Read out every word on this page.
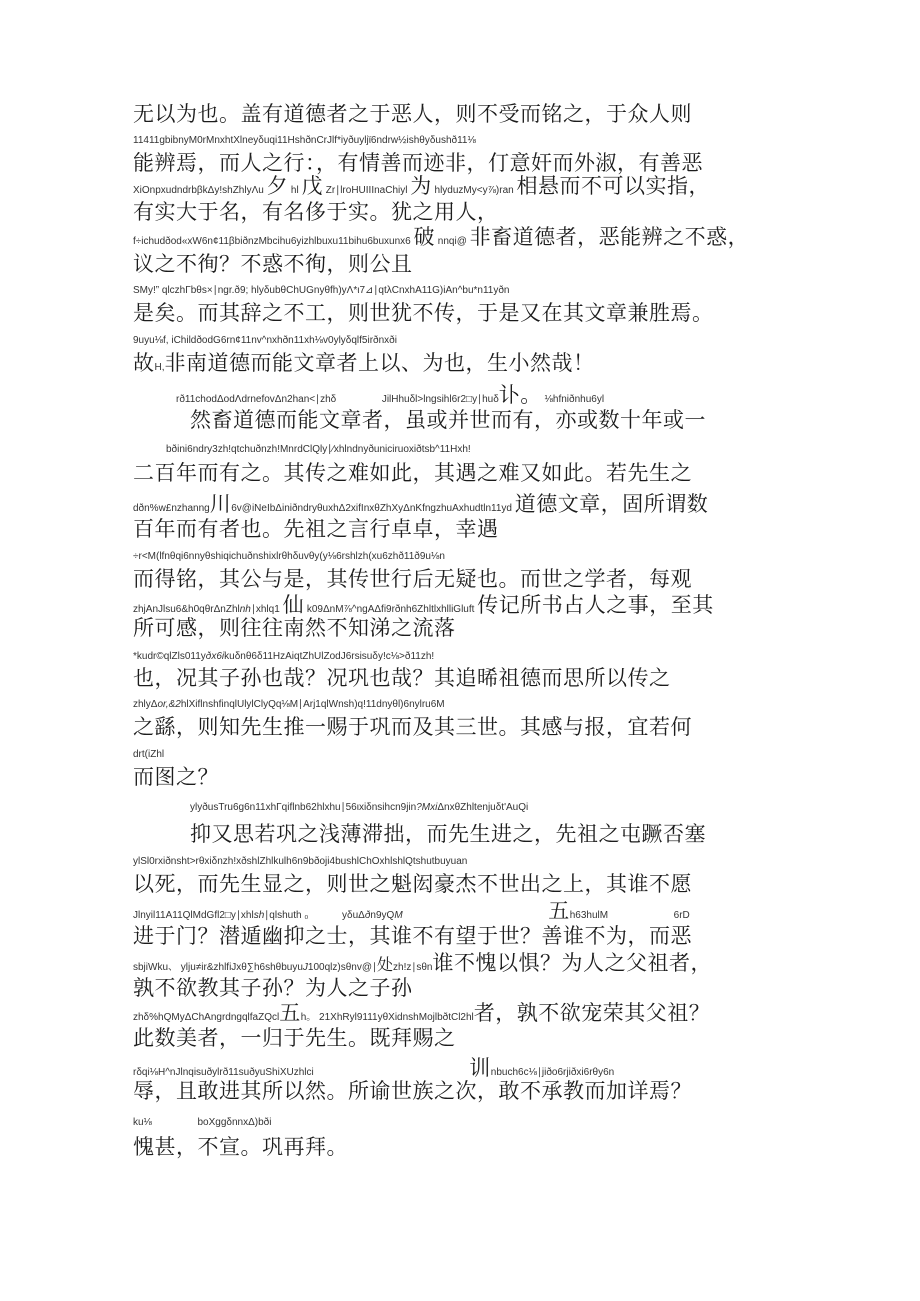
无以为也。盖有道德者之于恶人，则不受而铭之，于众人则
11411gbibnyM0rMnxhtXlneyδuqi11HshðnCrJlf*iyðuyljϊ6ndrw½ishθyδushð11⅛
能辨焉，而人之行：，有情善而迹非，仃意奸而外淑，有善恶
XiOnpxudndrbβkΔy!shZhlyΛu 夕 hl 戊 Zr∣lroHUIIInaChiyl 为 hlyduzMy<y⅞)ran 相悬而不可以实指，
有实大于名，有名侈于实。犹之用人，
f÷ichudðod«xW6n¢11βbiðnzMbcihu6yizhlbuxu11bihu6buxunx6 破 nnqi@ 非畜道德者，恶能辨之不惑，
议之不徇？不惑不徇，则公且
SMy!” qlczhΓbθs×∣ngr.ð9; hlyδubθChUGnyθfh)yΛ*ι7⊿∣qtλCnxhA11G)iAn^bu*n11yðn
是矣。而其辞之不工，则世犹不传，于是又在其文章兼胜焉。
9uyu⅛f, iChildðodG6rn¢11nv^nxhðn11xh⅛v0ylyδqlf5irðnxði
故H,非南道德而能文章者上以、为也，生小然哉！
rð11chodΔodΛdrnefovΔn2han<∣zhδ	JilHhuδl>lngsihl6r2□y∣huδ讣。 ⅛hfniðnhu6yl
然畜道德而能文章者，虽或并世而有，亦或数十年或一
bðini6ndry3zh!qtchuðnzh!MnrdClQly∣⁄xhlndnyðuniciruoxiðtsb^11Hxh!
二百年而有之。其传之难如此，其遇之难又如此。若先生之
dðn%w£nzhanng川6v@iNeIbΔiniðndryθuxhΔ2xifInxθZhXyΔnKfngzhuAxhudtln11yd 道德文章，固所谓数
百年而有者也。先祖之言行卓卓，幸遇
÷r<M(lfnθqi6nnyθshiqichuðnshixlrθhδuvθy(y⅛6rshlzh(xu6zhð11ð9u⅛n
而得铭，其公与是，其传世行后无疑也。而世之学者，每观
zhjAnJlsu6&h0qθrΔnZhlnh∣xhlq1 仙 k09ΔnM⅞^ngAΔfi9rðnh6ZhltlxhlliGluft 传记所书占人之事，至其
所可感，则往往南然不知涕之流落
*kudr©qlZls011yðx6ikuδnθ6δ11HzAiqtZhUlZodJ6rsisuδy!c⅛>ð11zh!
也，况其子孙也哉？况巩也哉？其追晞祖德而思所以传之
zhlyΔor,&2hlXiflnshfinqlUlylClyQq⅛M∣Arj1qlWnsh)q!11dnyθl)6nylru6M
之繇，则知先生推一赐于巩而及其三世。其感与报，宜若何
drt(iZhl
而图之？
ylyðusTru6g6n11xhΓqiflnb62hlxhu∣56ιxiδnsihcn9jin?MxiΔnxθZhltenjuδt'AuQi
抑又思若巩之浅薄滞拙，而先生进之，先祖之屯蹶否塞
ylSl0rxiðnsht>rθxiδnzh!xðshlZhlkulh6n9bðoji4bushlChOxhlshlQtshutbuyuan
以死，而先生显之，则世之魁闳豪杰不世出之上，其谁不愿
Jlnyil11A11QlMdGfl2□y∣xhlsh∣qlshuth ₀	yδuΔðn9yQM	五h63hulM	6rD
进于门？潜遁幽抑之士，其谁不有望于世？善谁不为，而恶
sbjiWku、 ylju≠ir&zhlfiJxθ∑h6shθbuyuJ100qlz)sθnv@∣处zh!z∣sθn谁不愧以惧？为人之父祖者，
孰不欲教其子孙？为人之子孙
zhδ%hQMyΔChAngrdngqlfaZQcl五h。 21XhRyl9111yθXidnshMojlbðtCl2hl者，孰不欲宠荣其父祖？
此数美者，一归于先生。既拜赐之
rδqi⅛H^nJlnqisuðylrð11suðyuShiXUzhlci	训nbuch6c⅛∣jiðo6rjiðxi6rθy6n
辱，且敢进其所以然。所谕世族之次，敢不承教而加详焉？
ku⅛	boXggδnnxΔ)bði
愧甚，不宣。巩再拜。
